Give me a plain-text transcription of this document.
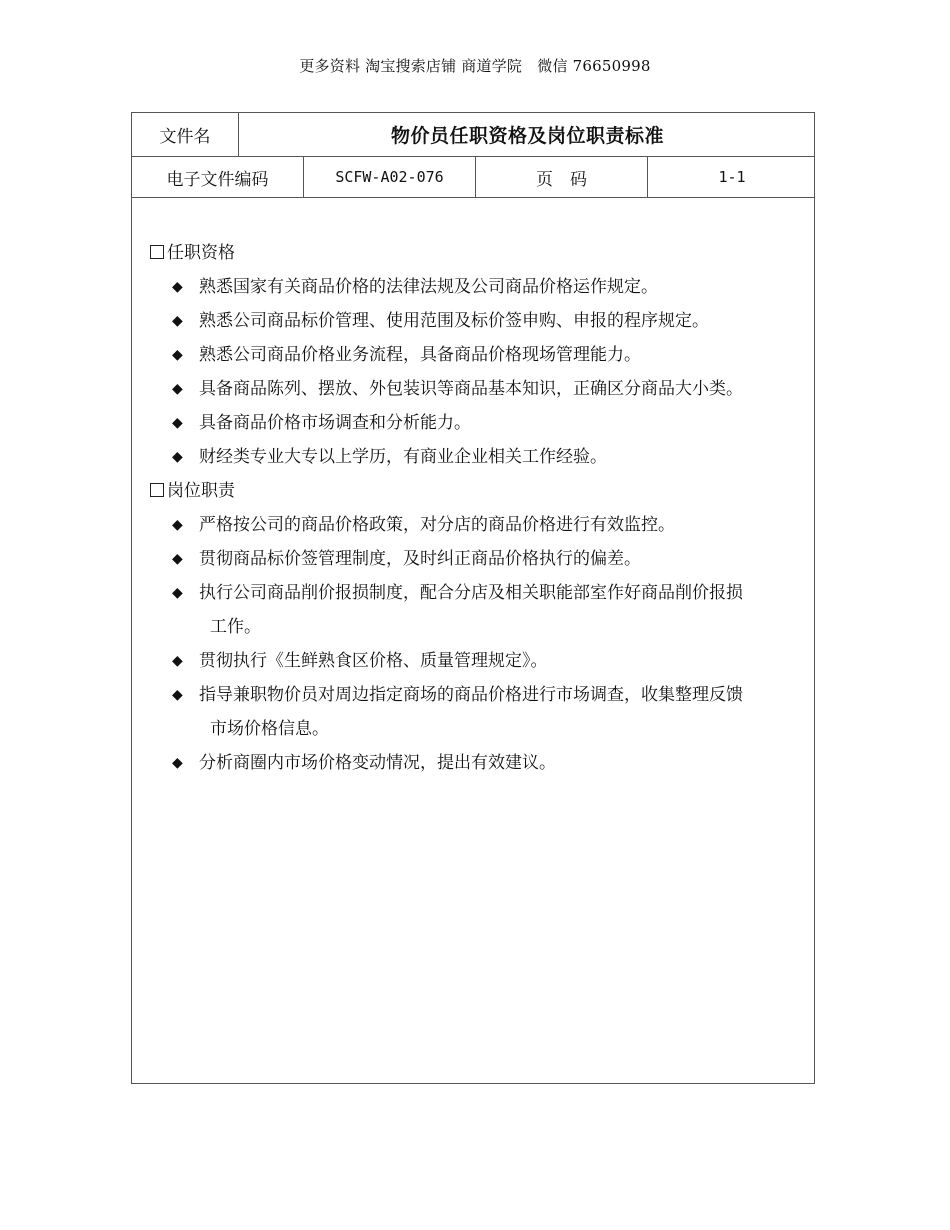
更多资料 淘宝搜索店铺 商道学院　微信 76650998
文件名	物价员任职资格及岗位职责标准
电子文件编码	SCFW-A02-076	页　码	1-1
任职资格
◆ 熟悉国家有关商品价格的法律法规及公司商品价格运作规定。
◆ 熟悉公司商品标价管理、使用范围及标价签申购、申报的程序规定。
◆ 熟悉公司商品价格业务流程，具备商品价格现场管理能力。
◆ 具备商品陈列、摆放、外包装识等商品基本知识，正确区分商品大小类。
◆ 具备商品价格市场调查和分析能力。
◆ 财经类专业大专以上学历，有商业企业相关工作经验。
岗位职责
◆ 严格按公司的商品价格政策，对分店的商品价格进行有效监控。
◆ 贯彻商品标价签管理制度，及时纠正商品价格执行的偏差。
◆ 执行公司商品削价报损制度，配合分店及相关职能部室作好商品削价报损
工作。
◆ 贯彻执行《生鲜熟食区价格、质量管理规定》。
◆ 指导兼职物价员对周边指定商场的商品价格进行市场调查，收集整理反馈
市场价格信息。
◆ 分析商圈内市场价格变动情况，提出有效建议。
